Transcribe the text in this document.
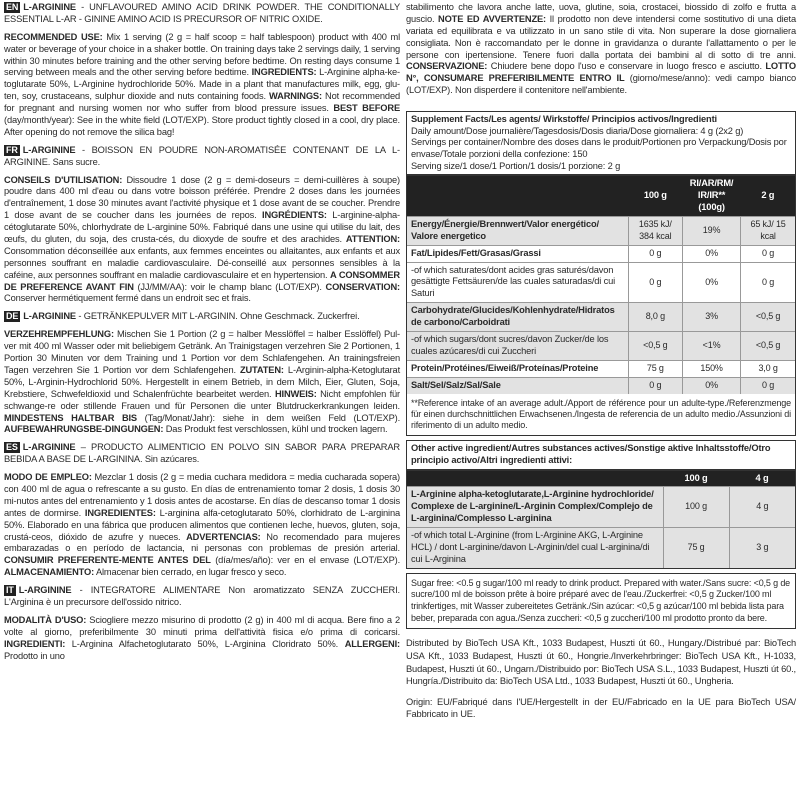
EN L-ARGININE - UNFLAVOURED AMINO ACID DRINK POWDER. THE CONDITIONALLY ESSENTIAL L-AR - GININE AMINO ACID IS PRECURSOR OF NITRIC OXIDE.

RECOMMENDED USE: Mix 1 serving (2 g = half scoop = half tablespoon) product with 400 ml water or beverage of your choice in a shaker bottle. On training days take 2 servings daily, 1 serving within 30 minutes before training and the other serving before bedtime. On resting days consume 1 serving between meals and the other serving before bedtime. INGREDIENTS: L-Arginine alpha-ke-toglutarate 50%, L-Arginine hydrochloride 50%. Made in a plant that manufactures milk, egg, glu-ten, soy, crustaceans, sulphur dioxide and nuts containing foods. WARNINGS: Not recommended for pregnant and nursing women nor who suffer from blood pressure issues. BEST BEFORE (day/month/year): See in the white field (LOT/EXP). Store product tightly closed in a cool, dry place. After opening do not remove the silica bag!

FR L-ARGININE - BOISSON EN POUDRE NON-AROMATISÉE CONTENANT DE LA L-ARGININE. Sans sucre.

CONSEILS D'UTILISATION: Dissoudre 1 dose (2 g = demi-doseurs = demi-cuillères à soupe) poudre dans 400 ml d'eau ou dans votre boisson préférée. Prendre 2 doses dans les journées d'entraînement, 1 dose 30 minutes avant l'activité physique et 1 dose avant de se coucher. Prendre 1 dose avant de se coucher dans les journées de repos. INGRÉDIENTS: L-arginine-alpha-cétoglutarate 50%, chlorhydrate de L-arginine 50%. Fabriqué dans une usine qui utilise du lait, des œufs, du gluten, du soja, des crusta-cés, du dioxyde de soufre et des arachides. ATTENTION: Consommation déconseillée aux enfants, aux femmes enceintes ou allaitantes, aux enfants et aux personnes souffrant en maladie cardiovasculaire. Dé-conseillé aux personnes sensibles à la caféine, aux personnes souffrant en maladie cardiovasculaire et en hypertension. A CONSOMMER DE PREFERENCE AVANT FIN (JJ/MM/AA): voir le champ blanc (LOT/EXP). CONSERVATION: Conserver hermétiquement fermé dans un endroit sec et frais.

DE L-ARGININE - GETRÄNKEPULVER MIT L-ARGININ. Ohne Geschmack. Zuckerfrei.

VERZEHREMPFEHLUNG: Mischen Sie 1 Portion (2 g = halber Messlöffel = halber Esslöffel) Pul-ver mit 400 ml Wasser oder mit beliebigem Getränk. An Trainigstagen verzehren Sie 2 Portionen, 1 Portion 30 Minuten vor dem Training und 1 Portion vor dem Schlafengehen. An trainingsfreien Tagen verzehren Sie 1 Portion vor dem Schlafengehen. ZUTATEN: L-Arginin-alpha-Ketoglutarat 50%, L-Arginin-Hydrochlorid 50%. Hergestellt in einem Betrieb, in dem Milch, Eier, Gluten, Soja, Krebstiere, Schwefeldioxid und Schalenfrüchte bearbeitet werden. HINWEIS: Nicht empfohlen für schwange-re oder stillende Frauen und für Personen die unter Blutdruckerkrankungen leiden. MINDESTENS HALTBAR BIS (Tag/Monat/Jahr): siehe in dem weißen Feld (LOT/EXP). AUFBEWAHRUNGSBE-DINGUNGEN: Das Produkt fest verschlossen, kühl und trocken lagern.

ES L-ARGININE – PRODUCTO ALIMENTICIO EN POLVO SIN SABOR PARA PREPARAR BEBIDA A BASE DE L-ARGININA. Sin azúcares.

MODO DE EMPLEO: Mezclar 1 dosis (2 g = media cuchara medidora = media cucharada sopera) con 400 ml de agua o refrescante a su gusto. En días de entrenamiento tomar 2 dosis, 1 dosis 30 mi-nutos antes del entrenamiento y 1 dosis antes de acostarse. En días de descanso tomar 1 dosis antes de dormirse. INGREDIENTES: L-arginina alfa-cetoglutarato 50%, clorhidrato de L-arginina 50%. Elaborado en una fábrica que producen alimentos que contienen leche, huevos, gluten, soja, crustá-ceos, dióxido de azufre y nueces. ADVERTENCIAS: No recomendado para mujeres embarazadas o en período de lactancia, ni personas con problemas de presión arterial. CONSUMIR PREFERENTE-MENTE ANTES DEL (día/mes/año): ver en el envase (LOT/EXP). ALMACENAMIENTO: Almacenar bien cerrado, en lugar fresco y seco.

IT L-ARGININE - INTEGRATORE ALIMENTARE Non aromatizzato SENZA ZUCCHERI. L'Arginina è un precursore dell'ossido nitrico.

MODALITÀ D'USO: Sciogliere mezzo misurino di prodotto (2 g) in 400 ml di acqua. Bere fino a 2 volte al giorno, preferibilmente 30 minuti prima dell'attività fisica e/o prima di coricarsi. INGREDIENTI: L-Arginina Alfachetoglutarato 50%, L-Arginina Cloridrato 50%. ALLERGENI: Prodotto in uno

stabilimento che lavora anche latte, uova, glutine, soia, crostacei, biossido di zolfo e frutta a guscio. NOTE ED AVVERTENZE: Il prodotto non deve intendersi come sostitutivo di una dieta variata ed equilibrata e va utilizzato in un sano stile di vita. Non superare la dose giornaliera consigliata. Non è raccomandato per le donne in gravidanza o durante l'allattamento o per le persone con ipertensione. Tenere fuori dalla portata dei bambini al di sotto di tre anni. CONSERVAZIONE: Chiudere bene dopo l'uso e conservare in luogo fresco e asciutto. LOTTO N°, CONSUMARE PREFERIBILMENTE ENTRO IL (giorno/mese/anno): vedi campo bianco (LOT/EXP). Non disperdere il contenitore nell'ambiente.

Supplement Facts/Les agents/ Wirkstoffe/ Principios activos/Ingredienti
Daily amount/Dose journalière/Tagesdosis/Dosis diaria/Dose giornaliera: 4 g (2x2 g)
Servings per container/Nombre des doses dans le produit/Portionen pro Verpackung/Dosis por envase/Totale porzioni della confezione: 150
Serving size/1 dose/1 Portion/1 dosis/1 porzione: 2 g
	100 g	RI/AR/RM/ IR/IR** (100g)	2 g
Energy/Énergie/Brennwert/Valor energético/ Valore energetico	1635 kJ/ 384 kcal	19%	65 kJ/ 15 kcal
Fat/Lipides/Fett/Grasas/Grassi	0 g	0%	0 g
-of which saturates/dont acides gras saturés/davon gesättigte Fettsäuren/de las cuales saturadas/di cui Saturi	0 g	0%	0 g
Carbohydrate/Glucides/Kohlenhydrate/Hidratos de carbono/Carboidrati	8,0 g	3%	<0,5 g
-of which sugars/dont sucres/davon Zucker/de los cuales azúcares/di cui Zuccheri	<0,5 g	<1%	<0,5 g
Protein/Protéines/Eiweiß/Proteínas/Proteine	75 g	150%	3,0 g
Salt/Sel/Salz/Sal/Sale	0 g	0%	0 g
**Reference intake of an average adult./Apport de référence pour un adulte-type./Referenzmenge für einen durchschnittlichen Erwachsenen./Ingesta de referencia de un adulto medio./Assunzioni di riferimento di un adulto medio.
Other active ingredient/Autres substances actives/Sonstige aktive Inhaltsstoffe/Otro principio activo/Altri ingredienti attivi:
	100 g	4 g
L-Arginine alpha-ketoglutarate,L-Arginine hydrochloride/ Complexe de L-arginine/L-Arginin Complex/Complejo de L-arginina/Complesso L-arginina	100 g	4 g
-of which total L-Arginine (from L-Arginine AKG, L-Arginine HCL) / dont L-arginine/davon L-Arginin/del cual L-arginina/di cui L-Arginina	75 g	3 g
Sugar free: <0.5 g sugar/100 ml ready to drink product. Prepared with water./Sans sucre: <0,5 g de sucre/100 ml de boisson prête à boire préparé avec de l'eau./Zuckerfrei: <0,5 g Zucker/100 ml trinkfertiges, mit Wasser zubereitetes Getränk./Sin azúcar: <0,5 g azúcar/100 ml bebida lista para beber, preparada con agua./Senza zuccheri: <0,5 g zuccheri/100 ml prodotto pronto da bere.
Distributed by BioTech USA Kft., 1033 Budapest, Huszti út 60., Hungary./Distribué par: BioTech USA Kft., 1033 Budapest, Huszti út 60., Hongrie./Inverkehrbringer: BioTech USA Kft., H-1033, Budapest, Huszti út 60., Ungarn./Distribuido por: BioTech USA S.L., 1033 Budapest, Huszti út 60., Hungría./Distribuito da: BioTech USA Ltd., 1033 Budapest, Huszti út 60., Ungheria.
Origin: EU/Fabriqué dans l'UE/Hergestellt in der EU/Fabricado en la UE para BioTech USA/ Fabbricato in UE.
